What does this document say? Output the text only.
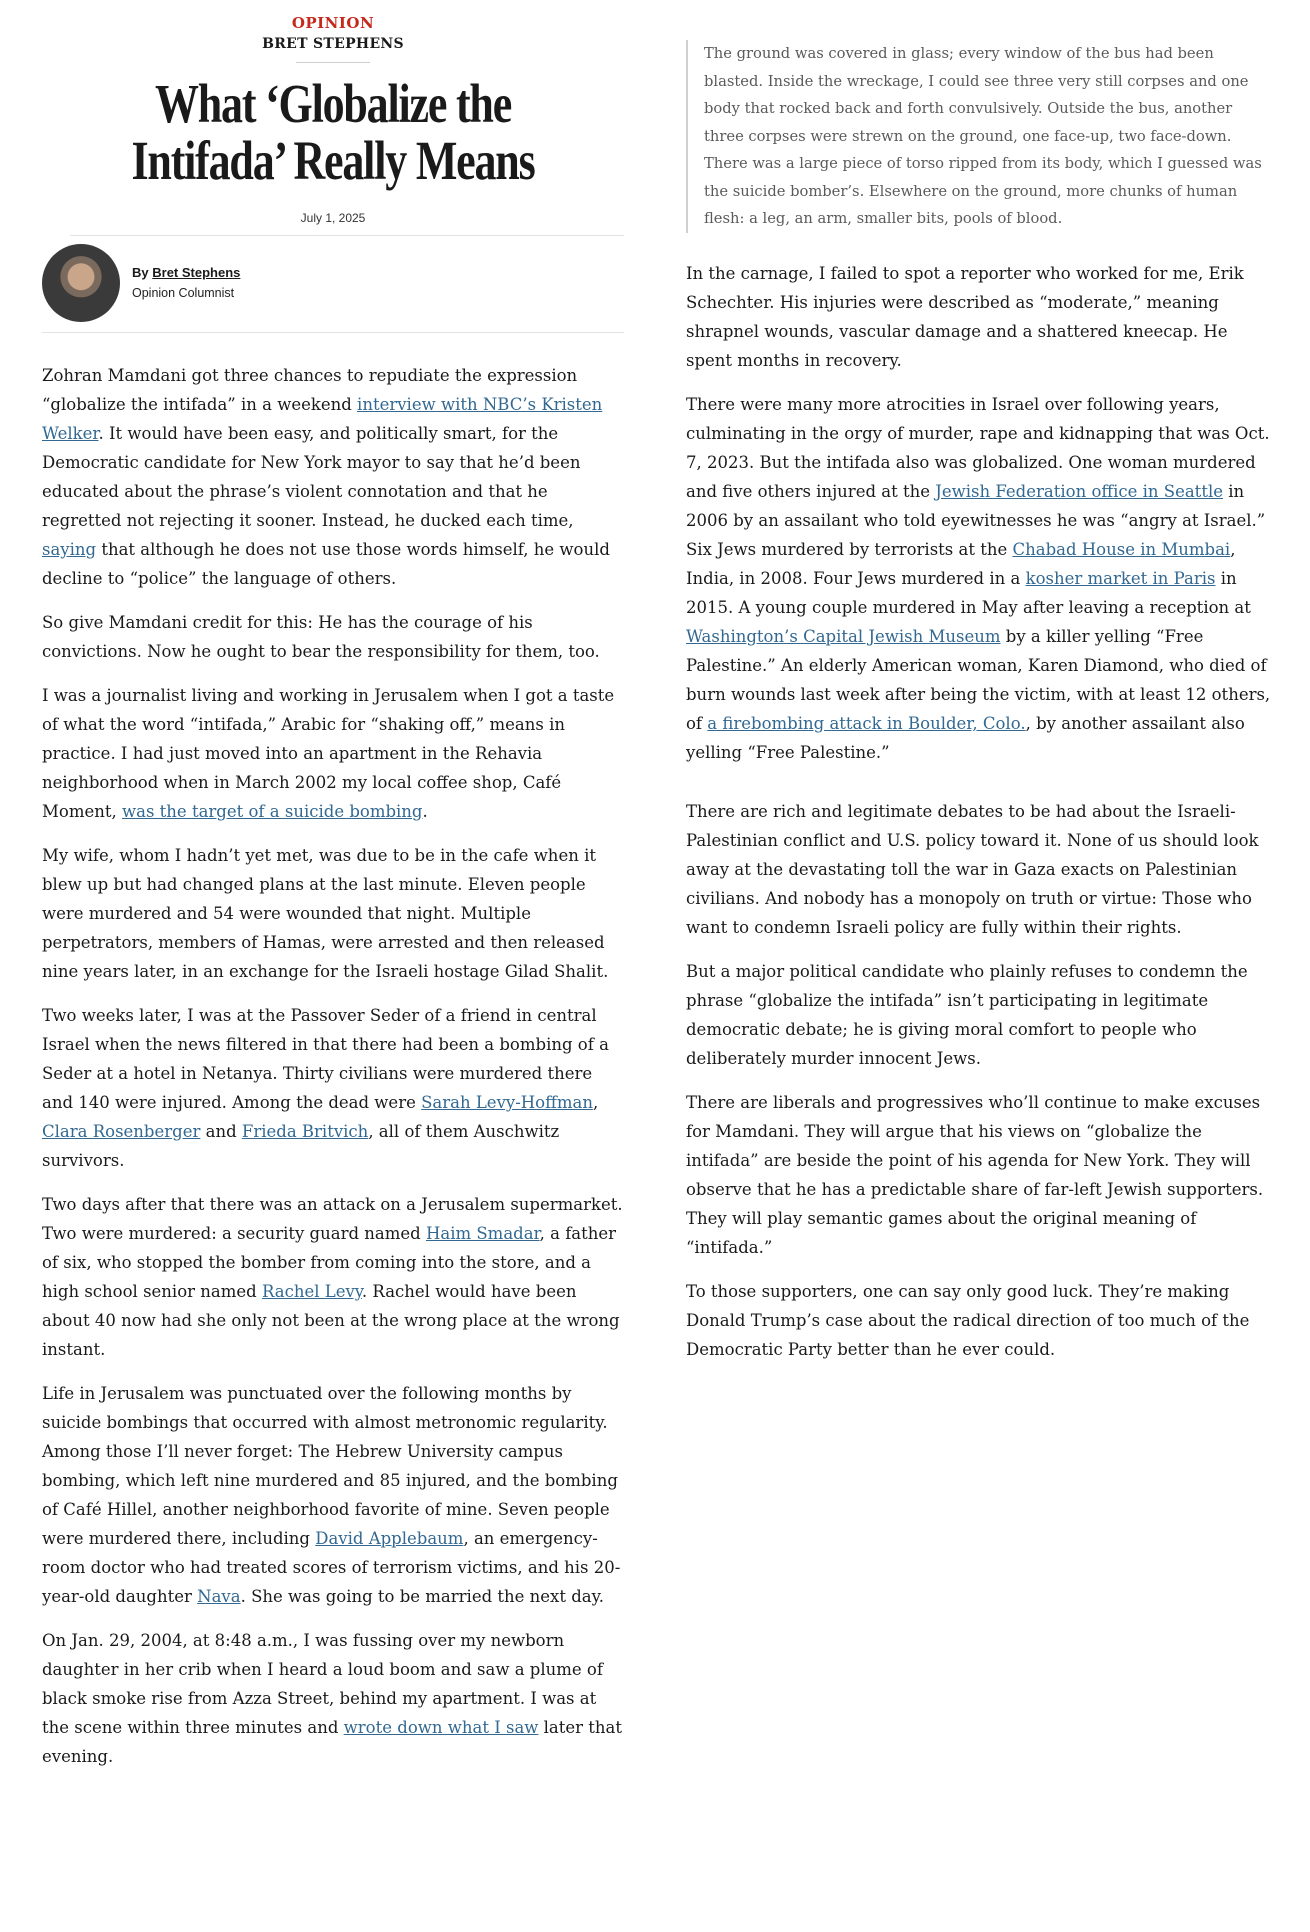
OPINION
BRET STEPHENS
What ‘Globalize the Intifada’ Really Means
July 1, 2025
By Bret Stephens
Opinion Columnist

Zohran Mamdani got three chances to repudiate the expression “globalize the intifada” in a weekend interview with NBC’s Kristen Welker. It would have been easy, and politically smart, for the Democratic candidate for New York mayor to say that he’d been educated about the phrase’s violent connotation and that he regretted not rejecting it sooner. Instead, he ducked each time, saying that although he does not use those words himself, he would decline to “police” the language of others.

So give Mamdani credit for this: He has the courage of his convictions. Now he ought to bear the responsibility for them, too.

I was a journalist living and working in Jerusalem when I got a taste of what the word “intifada,” Arabic for “shaking off,” means in practice. I had just moved into an apartment in the Rehavia neighborhood when in March 2002 my local coffee shop, Café Moment, was the target of a suicide bombing.

My wife, whom I hadn’t yet met, was due to be in the cafe when it blew up but had changed plans at the last minute. Eleven people were murdered and 54 were wounded that night. Multiple perpetrators, members of Hamas, were arrested and then released nine years later, in an exchange for the Israeli hostage Gilad Shalit.

Two weeks later, I was at the Passover Seder of a friend in central Israel when the news filtered in that there had been a bombing of a Seder at a hotel in Netanya. Thirty civilians were murdered there and 140 were injured. Among the dead were Sarah Levy-Hoffman, Clara Rosenberger and Frieda Britvich, all of them Auschwitz survivors.

Two days after that there was an attack on a Jerusalem supermarket. Two were murdered: a security guard named Haim Smadar, a father of six, who stopped the bomber from coming into the store, and a high school senior named Rachel Levy. Rachel would have been about 40 now had she only not been at the wrong place at the wrong instant.

Life in Jerusalem was punctuated over the following months by suicide bombings that occurred with almost metronomic regularity. Among those I’ll never forget: The Hebrew University campus bombing, which left nine murdered and 85 injured, and the bombing of Café Hillel, another neighborhood favorite of mine. Seven people were murdered there, including David Applebaum, an emergency-room doctor who had treated scores of terrorism victims, and his 20-year-old daughter Nava. She was going to be married the next day.

On Jan. 29, 2004, at 8:48 a.m., I was fussing over my newborn daughter in her crib when I heard a loud boom and saw a plume of black smoke rise from Azza Street, behind my apartment. I was at the scene within three minutes and wrote down what I saw later that evening.

The ground was covered in glass; every window of the bus had been blasted. Inside the wreckage, I could see three very still corpses and one body that rocked back and forth convulsively. Outside the bus, another three corpses were strewn on the ground, one face-up, two face-down. There was a large piece of torso ripped from its body, which I guessed was the suicide bomber’s. Elsewhere on the ground, more chunks of human flesh: a leg, an arm, smaller bits, pools of blood.

In the carnage, I failed to spot a reporter who worked for me, Erik Schechter. His injuries were described as “moderate,” meaning shrapnel wounds, vascular damage and a shattered kneecap. He spent months in recovery.

There were many more atrocities in Israel over following years, culminating in the orgy of murder, rape and kidnapping that was Oct. 7, 2023. But the intifada also was globalized. One woman murdered and five others injured at the Jewish Federation office in Seattle in 2006 by an assailant who told eyewitnesses he was “angry at Israel.” Six Jews murdered by terrorists at the Chabad House in Mumbai, India, in 2008. Four Jews murdered in a kosher market in Paris in 2015. A young couple murdered in May after leaving a reception at Washington’s Capital Jewish Museum by a killer yelling “Free Palestine.” An elderly American woman, Karen Diamond, who died of burn wounds last week after being the victim, with at least 12 others, of a firebombing attack in Boulder, Colo., by another assailant also yelling “Free Palestine.”

There are rich and legitimate debates to be had about the Israeli-Palestinian conflict and U.S. policy toward it. None of us should look away at the devastating toll the war in Gaza exacts on Palestinian civilians. And nobody has a monopoly on truth or virtue: Those who want to condemn Israeli policy are fully within their rights.

But a major political candidate who plainly refuses to condemn the phrase “globalize the intifada” isn’t participating in legitimate democratic debate; he is giving moral comfort to people who deliberately murder innocent Jews.

There are liberals and progressives who’ll continue to make excuses for Mamdani. They will argue that his views on “globalize the intifada” are beside the point of his agenda for New York. They will observe that he has a predictable share of far-left Jewish supporters. They will play semantic games about the original meaning of “intifada.”

To those supporters, one can say only good luck. They’re making Donald Trump’s case about the radical direction of too much of the Democratic Party better than he ever could.
